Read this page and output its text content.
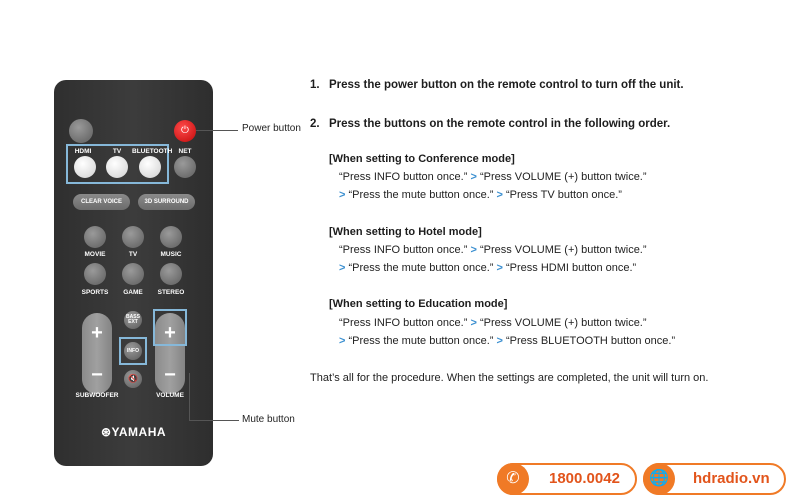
⏻
HDMI	TV	BLUETOOTH NET
CLEAR VOICE	3D SURROUND
MOVIE	TV	MUSIC
SPORTS	GAME	STEREO
+
−
+
−
BASS EXT
INFO
🔇
SUBWOOFER	VOLUME
⊛YAMAHA
Power button
Mute button
1. Press the power button on the remote control to turn off the unit.
2. Press the buttons on the remote control in the following order.
[When setting to Conference mode]
“Press INFO button once.” > “Press VOLUME (+) button twice.”
> “Press the mute button once.” > “Press TV button once.”
[When setting to Hotel mode]
“Press INFO button once.” > “Press VOLUME (+) button twice.”
> “Press the mute button once.” > “Press HDMI button once.”
[When setting to Education mode]
“Press INFO button once.” > “Press VOLUME (+) button twice.”
> “Press the mute button once.” > “Press BLUETOOTH button once.”
That’s all for the procedure. When the settings are completed, the unit will turn on.
✆	1800.0042	🌐	hdradio.vn
